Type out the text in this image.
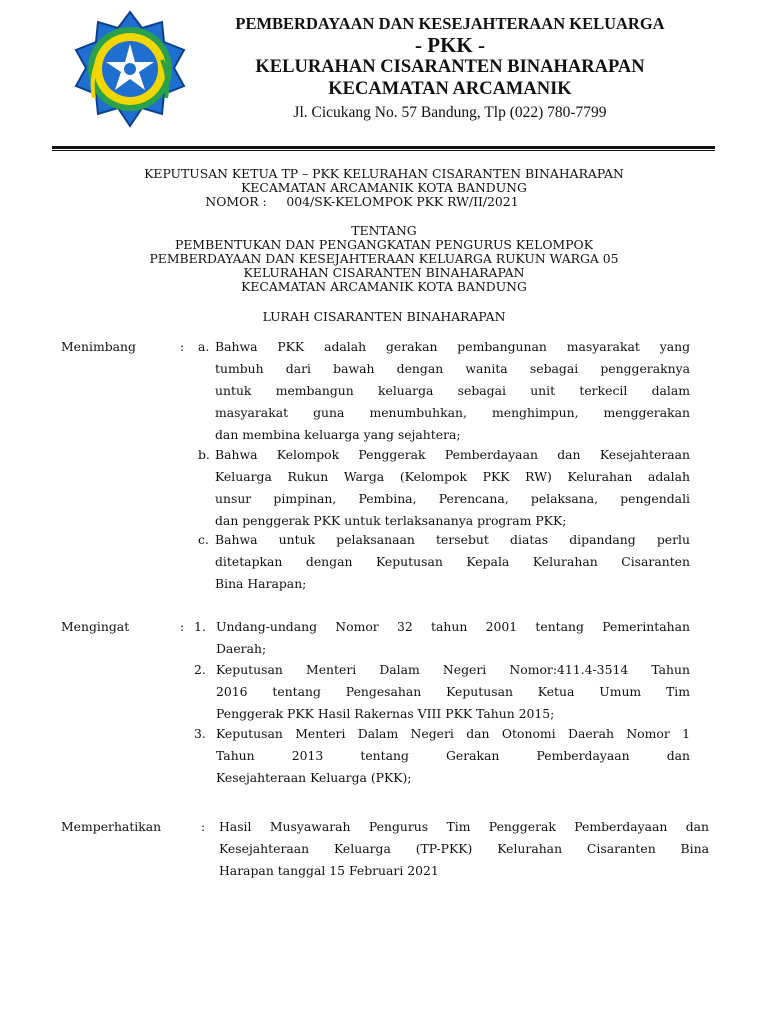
PEMBERDAYAAN DAN KESEJAHTERAAN KELUARGA
- PKK -
KELURAHAN CISARANTEN BINAHARAPAN
KECAMATAN ARCAMANIK
Jl. Cicukang No. 57 Bandung, Tlp (022) 780-7799
KEPUTUSAN KETUA TP – PKK KELURAHAN CISARANTEN BINAHARAPAN
KECAMATAN ARCAMANIK KOTA BANDUNG
NOMOR : 004/SK-KELOMPOK PKK RW/II/2021
TENTANG
PEMBENTUKAN DAN PENGANGKATAN PENGURUS KELOMPOK
PEMBERDAYAAN DAN KESEJAHTERAAN KELUARGA RUKUN WARGA 05
KELURAHAN CISARANTEN BINAHARAPAN
KECAMATAN ARCAMANIK KOTA BANDUNG
LURAH CISARANTEN BINAHARAPAN
Menimbang	: a. Bahwa PKK adalah gerakan pembangunan masyarakat yang
tumbuh dari bawah dengan wanita sebagai penggeraknya
untuk membangun keluarga sebagai unit terkecil dalam
masyarakat guna menumbuhkan, menghimpun, menggerakan
dan membina keluarga yang sejahtera;
b. Bahwa Kelompok Penggerak Pemberdayaan dan Kesejahteraan
Keluarga Rukun Warga (Kelompok PKK RW) Kelurahan adalah
unsur pimpinan, Pembina, Perencana, pelaksana, pengendali
dan penggerak PKK untuk terlaksananya program PKK;
c. Bahwa untuk pelaksanaan tersebut diatas dipandang perlu
ditetapkan dengan Keputusan Kepala Kelurahan Cisaranten
Bina Harapan;
Mengingat	: 1. Undang-undang Nomor 32 tahun 2001 tentang Pemerintahan
Daerah;
2. Keputusan Menteri Dalam Negeri Nomor:411.4-3514 Tahun
2016 tentang Pengesahan Keputusan Ketua Umum Tim
Penggerak PKK Hasil Rakernas VIII PKK Tahun 2015;
3. Keputusan Menteri Dalam Negeri dan Otonomi Daerah Nomor 1
Tahun 2013 tentang Gerakan Pemberdayaan dan
Kesejahteraan Keluarga (PKK);
Memperhatikan	: Hasil Musyawarah Pengurus Tim Penggerak Pemberdayaan dan
Kesejahteraan Keluarga (TP-PKK) Kelurahan Cisaranten Bina
Harapan tanggal 15 Februari 2021
